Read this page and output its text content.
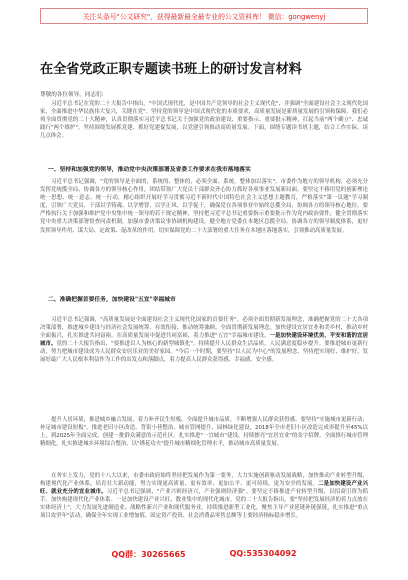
关注头条号"公文研究"，获得最新最全最专业的公文资料库！ 微信：gongwenyj
在全省党政正职专题读书班上的研讨发言材料
尊敬的各位领导，同志们：

习近平总书记在党的二十大报告中指出，"中国式现代化，是中国共产党领导的社会主义现代化"，并强调"全面建设社会主义现代化国家，全面推进中华民族伟大复兴，关键在党"。坚持党的领导是中国式现代化的本质要求，高质量发展是新质量发展的引领和保障。我们必须全面贯彻党的二十大精神，认真贯彻落实习近平总书记关于加强党的政治建设、重要指示、重要批示精神，扛起当前"两个确立"、忠诚践行"两个维护"，坚持围绕发展抓党建、抓好党建促发展，以党建引领推动高质量发展。下面，围绕专题读书班主题，结合工作实际，谈几点体会。

一、坚持和加强党的领导，推动党中央决策部署及省委工作要求在我市落地落实

习近平总书记强调，"党的领导是全面的、系统的、整体的，必须全面、系统、整体加以落实"。市委作为地方的领导机构，必须充分发挥党统揽全局、协调各方的领导核心作用，团结带领广大党员干部群众齐心协力抓好各项事业发展新局面。要坚定不移用党的创新理论统一思想、统一意志、统一行动，精心组织开展好学习贯彻习近平新时代中国特色社会主义思想主题教育，严格落实"第一议题"学习制度，引领广大党员、干部以学铸魂、以学增智、以学正风、以学促干，确保党在各项事业中始终总揽全局、协调各方的领导核心地位。要严格执行关于加强和维护党中央集中统一领导的若干规定精神，坚持把习近平总书记重要指示重要批示作为党内政治要件，健全贯彻落实党中央重大决策部署督查问责机制，加强市委决策议事协调机构建设，健全地方党委在本地区总揽全局、协调各方的领导制度体系，更好发挥领导作用、谋大局、定政策、促改革的作用。切实保障党的二十大部署的重大任务在本地区落地落实，引领推动高质量发展。

二、准确把握首要任务，加快建设"五宜"幸福城市

习近平总书记强调，"高质量发展是全面建设社会主义现代化国家的首要任务"。必须全面贯彻新发展理念，准确把握党的二十大各项决策部署，推进城乡建设与经济社会发展统筹、有效衔接、推动统筹兼顾、全面贯彻新发展理念。加快建设宜居宜业和美乡村，推动乡村全面振兴，扎实推进共同富裕，在高质量发展中促进共同富裕，着力推进"五宜"幸福城市建设。一是加快建设环境优美、平安和谐的宜居城市。党的二十大报告指出，"要推进以人为核心的新型城镇化"。持续提升人民群众生活品质，人民满意度稳步提升。要推进城市更新行动，努力把城市建设成为人民群众安居乐业的美好家园。"今后一个时期，要坚持"以人民为中心"的发展理念，坚持把实现好、维护好、发展好最广大人民根本利益作为工作的出发点和落脚点，着力提高人民群众获得感、幸福感、安全感。

提升人居环境，推进城乡融合发展，着力补齐民生短板，全面提升城市品质，不断增强人民群众获得感。要坚持"实施城市更新行动，补足城市建设短板"，推进老旧小区改造、背街小巷整治、城市管网提升、园林绿化建设，2018年全市老旧小区改造完成率提升至45%以上，到2025年全面完成，创建一批群众满意的示范社区。扎实推进"一宜城市"建设，持续擦亮"宜居宜业"的金字招牌，全面推行城市管理精细化，扎实推进城乡环境综合整治，以"绣花功夫"提升城市精细化管理水平，推动城市高质量发展。

在务实上发力，党的十八大以来，市委市政府始终坚持把发展作为第一要务，大力实施创新驱动发展战略，加快推动产业转型升级，构建现代化产业体系，培育壮大新动能，努力实现更高质量、更有效率、更加公平、更可持续、更为安全的发展。二是加快建设产业兴旺、就业充分的宜业城市。习近平总书记强调，"产业兴则经济兴，产业强则经济强"。要坚定不移推进产业转型升级，以招商引资为抓手，加快构建现代化产业体系。一是加快建设产业兴旺、数业集中的现代化城市。党的二十大报告指出，要"坚持把发展经济的着力点放在实体经济上"，大力发展先进制造业、战略性新兴产业和现代服务业。持续推进新型工业化，聚焦主导产业延链补链强链，扎实推进"重点项目攻坚年"活动，确保全年实现工业增加值、固定资产投资、社会消费品零售总额等主要经济指标稳步增长。

QQ群：30265665	QQ:535304092
